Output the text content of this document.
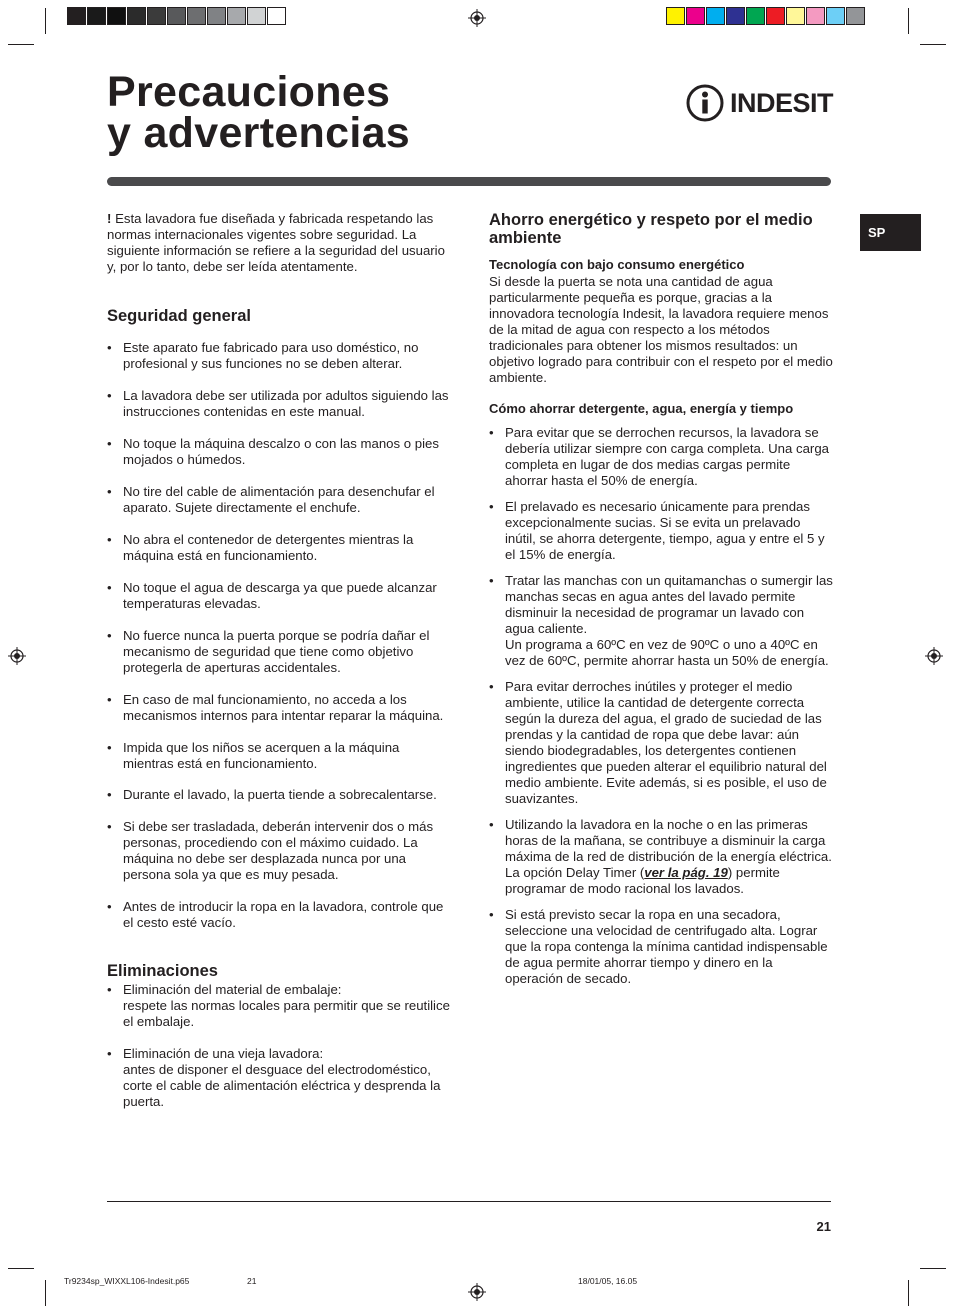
Precauciones
y advertencias
INDESIT
SP

! Esta lavadora fue diseñada y fabricada respetando las normas internacionales vigentes sobre seguridad. La siguiente información se refiere a la seguridad del usuario y, por lo tanto, debe ser leída atentamente.

Seguridad general
• Este aparato fue fabricado para uso doméstico, no profesional y sus funciones no se deben alterar.
• La lavadora debe ser utilizada por adultos siguiendo las instrucciones contenidas en este manual.
• No toque la máquina descalzo o con las manos o pies mojados o húmedos.
• No tire del cable de alimentación para desenchufar el aparato. Sujete directamente el enchufe.
• No abra el contenedor de detergentes mientras la máquina está en funcionamiento.
• No toque el agua de descarga ya que puede alcanzar temperaturas elevadas.
• No fuerce nunca la puerta porque se podría dañar el mecanismo de seguridad que tiene como objetivo protegerla de aperturas accidentales.
• En caso de mal funcionamiento, no acceda a los mecanismos internos para intentar reparar la máquina.
• Impida que los niños se acerquen a la máquina mientras está en funcionamiento.
• Durante el lavado, la puerta tiende a sobrecalentarse.
• Si debe ser trasladada, deberán intervenir dos o más personas, procediendo con el máximo cuidado. La máquina no debe ser desplazada nunca por una persona sola ya que es muy pesada.
• Antes de introducir la ropa en la lavadora, controle que el cesto esté vacío.
Eliminaciones
• Eliminación del material de embalaje:
respete las normas locales para permitir que se reutilice el embalaje.
• Eliminación de una vieja lavadora:
antes de disponer el desguace del electrodoméstico, corte el cable de alimentación eléctrica y desprenda la puerta.
Ahorro energético y respeto por el medio ambiente
Tecnología con bajo consumo energético

Si desde la puerta se nota una cantidad de agua particularmente pequeña es porque, gracias a la innovadora tecnología Indesit, la lavadora requiere menos de la mitad de agua con respecto a los métodos tradicionales para obtener los mismos resultados: un objetivo logrado para contribuir con el respeto por el medio ambiente.

Cómo ahorrar detergente, agua, energía y tiempo
• Para evitar que se derrochen recursos, la lavadora se debería utilizar siempre con carga completa. Una carga completa en lugar de dos medias cargas permite ahorrar hasta el 50% de energía.
• El prelavado es necesario únicamente para prendas excepcionalmente sucias. Si se evita un prelavado inútil, se ahorra detergente, tiempo, agua y entre el 5 y el 15% de energía.
• Tratar las manchas con un quitamanchas o sumergir las manchas secas en agua antes del lavado permite disminuir la necesidad de programar un lavado con agua caliente.
Un programa a 60ºC en vez de 90ºC o uno a 40ºC en vez de 60ºC, permite ahorrar hasta un 50% de energía.
• Para evitar derroches inútiles y proteger el medio ambiente, utilice la cantidad de detergente correcta según la dureza del agua, el grado de suciedad de las prendas y la cantidad de ropa que debe lavar: aún siendo biodegradables, los detergentes contienen ingredientes que pueden alterar el equilibrio natural del medio ambiente. Evite además, si es posible, el uso de suavizantes.
• Utilizando la lavadora en la noche o en las primeras horas de la mañana, se contribuye a disminuir la carga máxima de la red de distribución de la energía eléctrica. La opción Delay Timer (ver la pág. 19) permite programar de modo racional los lavados.
• Si está previsto secar la ropa en una secadora, seleccione una velocidad de centrifugado alta. Lograr que la ropa contenga la mínima cantidad indispensable de agua permite ahorrar tiempo y dinero en la operación de secado.
21
Tr9234sp_WIXXL106-Indesit.p65	21	18/01/05, 16.05
